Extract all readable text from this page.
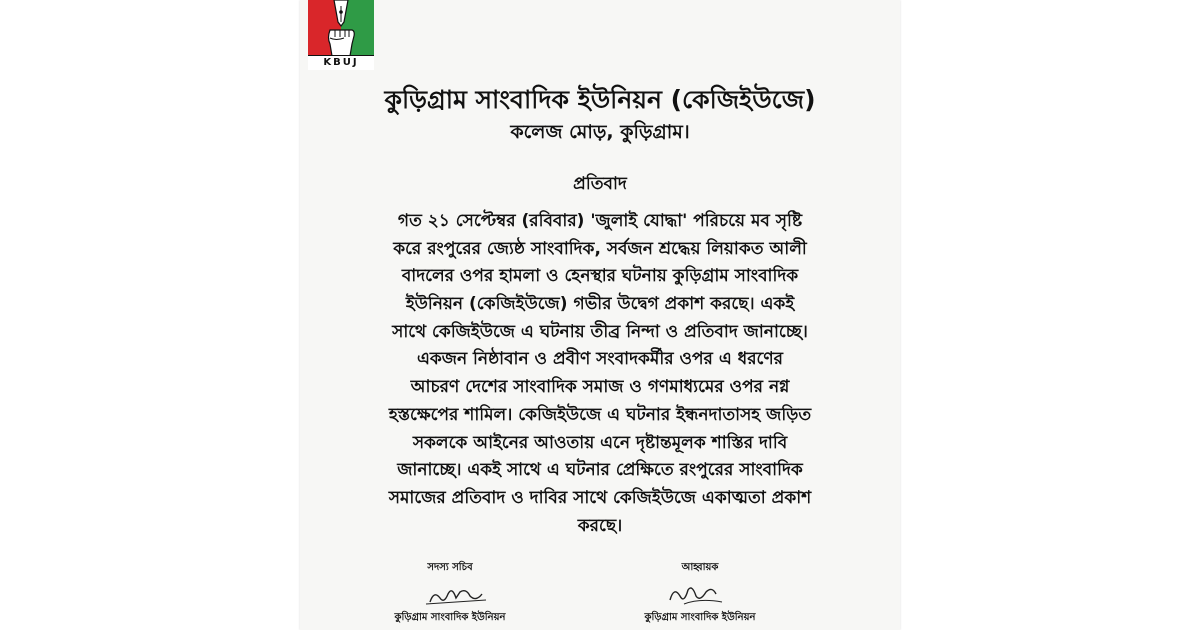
KBUJ
কুড়িগ্রাম সাংবাদিক ইউনিয়ন (কেজিইউজে)
কলেজ মোড়, কুড়িগ্রাম।
প্রতিবাদ
গত ২১ সেপ্টেম্বর (রবিবার) 'জুলাই যোদ্ধা' পরিচয়ে মব সৃষ্টি
করে রংপুরের জ্যেষ্ঠ সাংবাদিক, সর্বজন শ্রদ্ধেয় লিয়াকত আলী
বাদলের ওপর হামলা ও হেনস্থার ঘটনায় কুড়িগ্রাম সাংবাদিক
ইউনিয়ন (কেজিইউজে) গভীর উদ্বেগ প্রকাশ করছে। একই
সাথে কেজিইউজে এ ঘটনায় তীব্র নিন্দা ও প্রতিবাদ জানাচ্ছে।
একজন নিষ্ঠাবান ও প্রবীণ সংবাদকর্মীর ওপর এ ধরণের
আচরণ দেশের সাংবাদিক সমাজ ও গণমাধ্যমের ওপর নগ্ন
হস্তক্ষেপের শামিল। কেজিইউজে এ ঘটনার ইন্ধনদাতাসহ জড়িত
সকলকে আইনের আওতায় এনে দৃষ্টান্তমূলক শাস্তির দাবি
জানাচ্ছে। একই সাথে এ ঘটনার প্রেক্ষিতে রংপুরের সাংবাদিক
সমাজের প্রতিবাদ ও দাবির সাথে কেজিইউজে একাত্মতা প্রকাশ
করছে।
সদস্য সচিব
কুড়িগ্রাম সাংবাদিক ইউনিয়ন
আহ্বায়ক
কুড়িগ্রাম সাংবাদিক ইউনিয়ন
